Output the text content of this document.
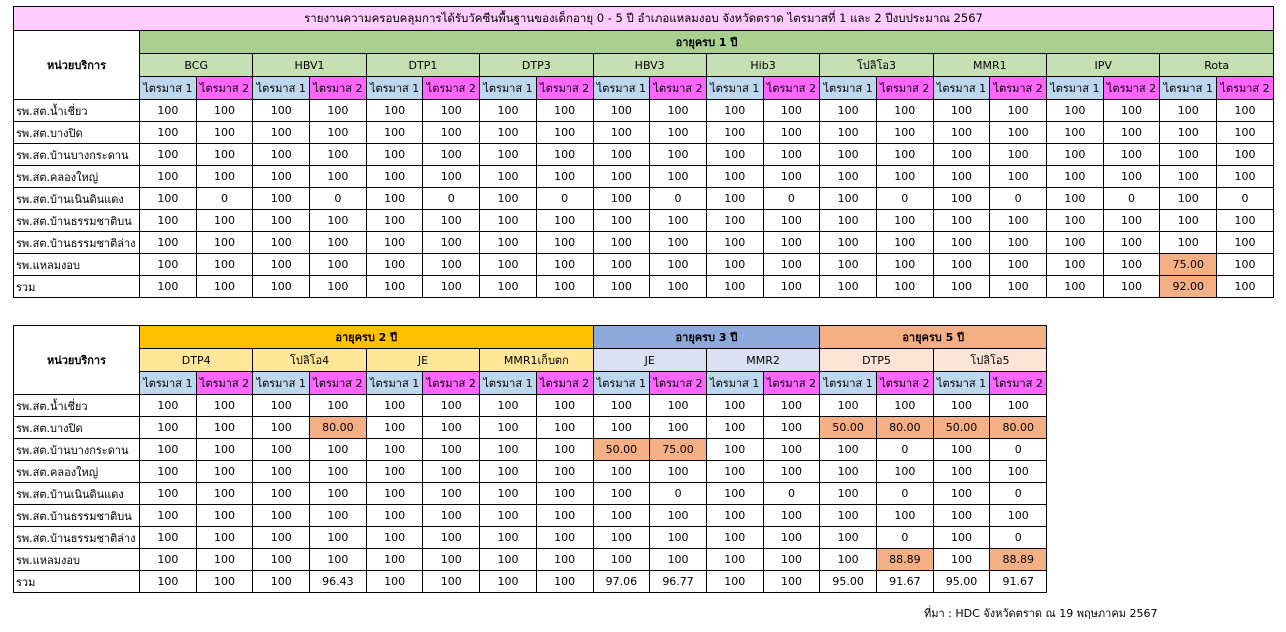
รายงานความครอบคลุมการได้รับวัคซีนพื้นฐานของเด็กอายุ 0 - 5 ปี อำเภอแหลมงอบ จังหวัดตราด ไตรมาสที่ 1 และ 2 ปีงบประมาณ 2567																				
หน่วยบริการ	อายุครบ 1 ปี																			
	BCG		HBV1		DTP1		DTP3		HBV3		Hib3		โปลิโอ3		MMR1		IPV		Rota	
	ไตรมาส 1	ไตรมาส 2	ไตรมาส 1	ไตรมาส 2	ไตรมาส 1	ไตรมาส 2	ไตรมาส 1	ไตรมาส 2	ไตรมาส 1	ไตรมาส 2	ไตรมาส 1	ไตรมาส 2	ไตรมาส 1	ไตรมาส 2	ไตรมาส 1	ไตรมาส 2	ไตรมาส 1	ไตรมาส 2	ไตรมาส 1	ไตรมาส 2
รพ.สต.น้ำเชี่ยว	100	100	100	100	100	100	100	100	100	100	100	100	100	100	100	100	100	100	100	100
รพ.สต.บางปิด	100	100	100	100	100	100	100	100	100	100	100	100	100	100	100	100	100	100	100	100
รพ.สต.บ้านบางกระดาน	100	100	100	100	100	100	100	100	100	100	100	100	100	100	100	100	100	100	100	100
รพ.สต.คลองใหญ่	100	100	100	100	100	100	100	100	100	100	100	100	100	100	100	100	100	100	100	100
รพ.สต.บ้านเนินดินแดง	100	0	100	0	100	0	100	0	100	0	100	0	100	0	100	0	100	0	100	0
รพ.สต.บ้านธรรมชาติบน	100	100	100	100	100	100	100	100	100	100	100	100	100	100	100	100	100	100	100	100
รพ.สต.บ้านธรรมชาติล่าง	100	100	100	100	100	100	100	100	100	100	100	100	100	100	100	100	100	100	100	100
รพ.แหลมงอบ	100	100	100	100	100	100	100	100	100	100	100	100	100	100	100	100	100	100	75.00	100
รวม	100	100	100	100	100	100	100	100	100	100	100	100	100	100	100	100	100	100	92.00	100
หน่วยบริการ	อายุครบ 2 ปี								อายุครบ 3 ปี				อายุครบ 5 ปี			
	DTP4		โปลิโอ4		JE		MMR1เก็บตก		JE		MMR2		DTP5		โปลิโอ5	
	ไตรมาส 1	ไตรมาส 2	ไตรมาส 1	ไตรมาส 2	ไตรมาส 1	ไตรมาส 2	ไตรมาส 1	ไตรมาส 2	ไตรมาส 1	ไตรมาส 2	ไตรมาส 1	ไตรมาส 2	ไตรมาส 1	ไตรมาส 2	ไตรมาส 1	ไตรมาส 2
รพ.สต.น้ำเชี่ยว	100	100	100	100	100	100	100	100	100	100	100	100	100	100	100	100
รพ.สต.บางปิด	100	100	100	80.00	100	100	100	100	100	100	100	100	50.00	80.00	50.00	80.00
รพ.สต.บ้านบางกระดาน	100	100	100	100	100	100	100	100	50.00	75.00	100	100	100	0	100	0
รพ.สต.คลองใหญ่	100	100	100	100	100	100	100	100	100	100	100	100	100	100	100	100
รพ.สต.บ้านเนินดินแดง	100	100	100	100	100	100	100	100	100	0	100	0	100	0	100	0
รพ.สต.บ้านธรรมชาติบน	100	100	100	100	100	100	100	100	100	100	100	100	100	100	100	100
รพ.สต.บ้านธรรมชาติล่าง	100	100	100	100	100	100	100	100	100	100	100	100	100	0	100	0
รพ.แหลมงอบ	100	100	100	100	100	100	100	100	100	100	100	100	100	88.89	100	88.89
รวม	100	100	100	96.43	100	100	100	100	97.06	96.77	100	100	95.00	91.67	95.00	91.67
ที่มา : HDC จังหวัดตราด ณ 19 พฤษภาคม 2567
